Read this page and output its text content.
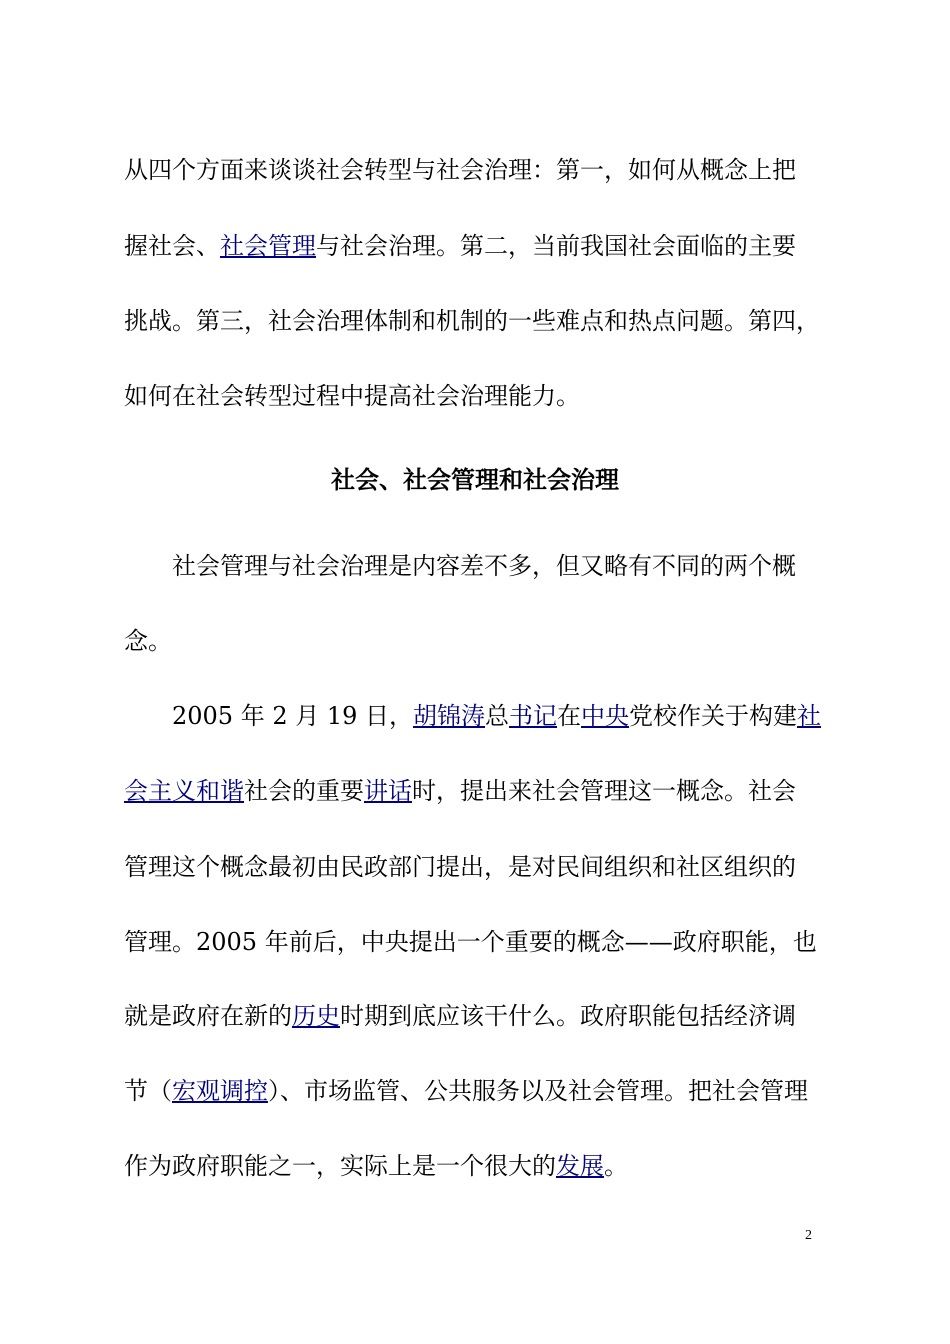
从四个方面来谈谈社会转型与社会治理：第一，如何从概念上把
握社会、社会管理与社会治理。第二，当前我国社会面临的主要
挑战。第三，社会治理体制和机制的一些难点和热点问题。第四，
如何在社会转型过程中提高社会治理能力。
社会、社会管理和社会治理
社会管理与社会治理是内容差不多，但又略有不同的两个概
念。
2005 年 2 月 19 日，胡锦涛总书记在中央党校作关于构建社
会主义和谐社会的重要讲话时，提出来社会管理这一概念。社会
管理这个概念最初由民政部门提出，是对民间组织和社区组织的
管理。2005 年前后，中央提出一个重要的概念——政府职能，也
就是政府在新的历史时期到底应该干什么。政府职能包括经济调
节（宏观调控）、市场监管、公共服务以及社会管理。把社会管理
作为政府职能之一，实际上是一个很大的发展。
2
